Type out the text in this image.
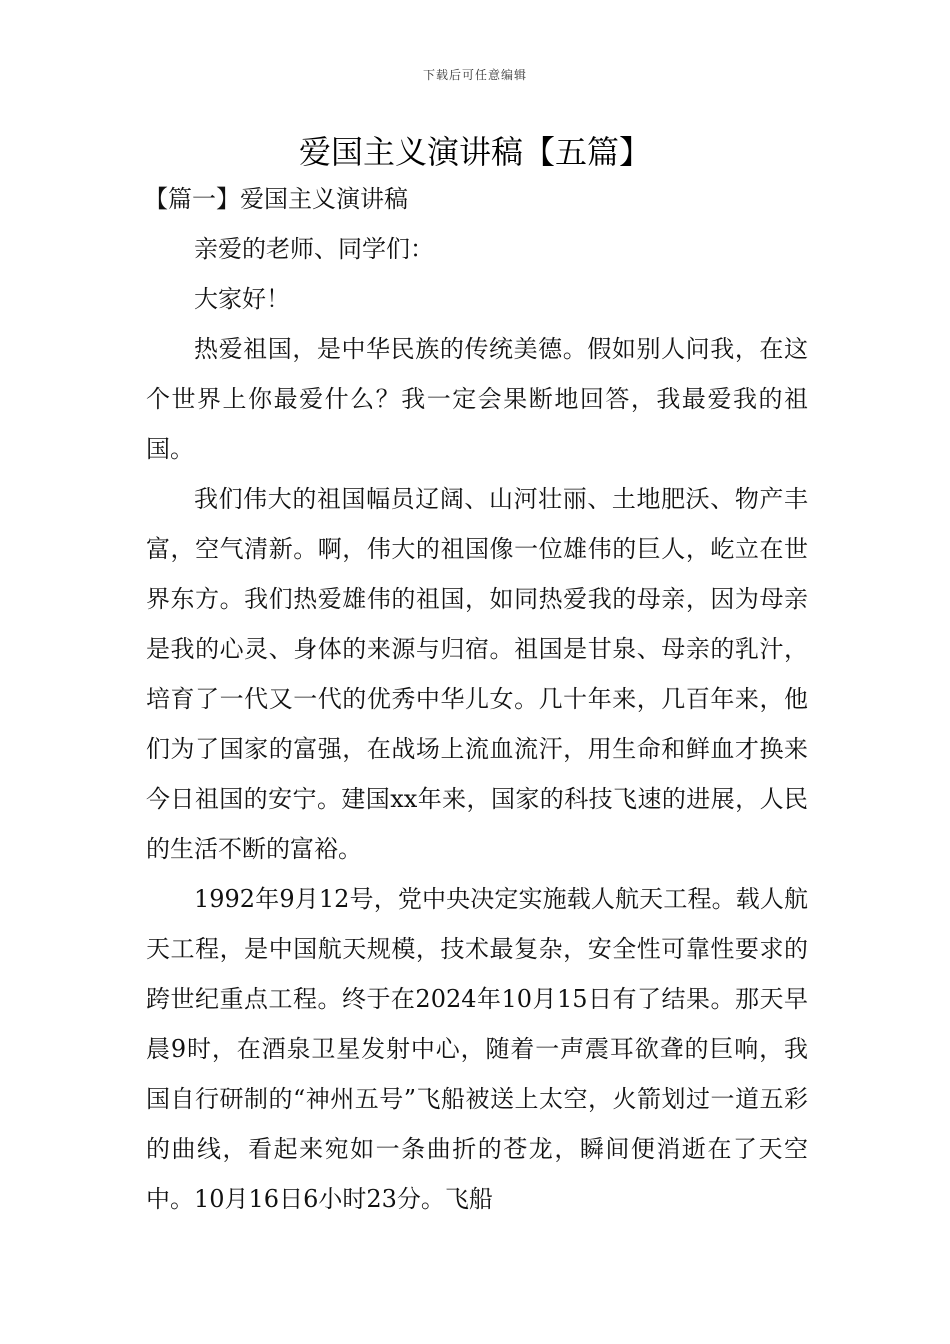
下载后可任意编辑
爱国主义演讲稿【五篇】
【篇一】爱国主义演讲稿

亲爱的老师、同学们：

大家好！

热爱祖国，是中华民族的传统美德。假如别人问我，在这个世界上你最爱什么？我一定会果断地回答，我最爱我的祖国。

我们伟大的祖国幅员辽阔、山河壮丽、土地肥沃、物产丰富，空气清新。啊，伟大的祖国像一位雄伟的巨人，屹立在世界东方。我们热爱雄伟的祖国，如同热爱我的母亲，因为母亲是我的心灵、身体的来源与归宿。祖国是甘泉、母亲的乳汁，培育了一代又一代的优秀中华儿女。几十年来，几百年来，他们为了国家的富强，在战场上流血流汗，用生命和鲜血才换来今日祖国的安宁。建国xx年来，国家的科技飞速的进展，人民的生活不断的富裕。

1992年9月12号，党中央决定实施载人航天工程。载人航天工程，是中国航天规模，技术最复杂，安全性可靠性要求的跨世纪重点工程。终于在2024年10月15日有了结果。那天早晨9时，在酒泉卫星发射中心，随着一声震耳欲聋的巨响，我国自行研制的“神州五号”飞船被送上太空，火箭划过一道五彩的曲线，看起来宛如一条曲折的苍龙，瞬间便消逝在了天空中。10月16日6小时23分。飞船
